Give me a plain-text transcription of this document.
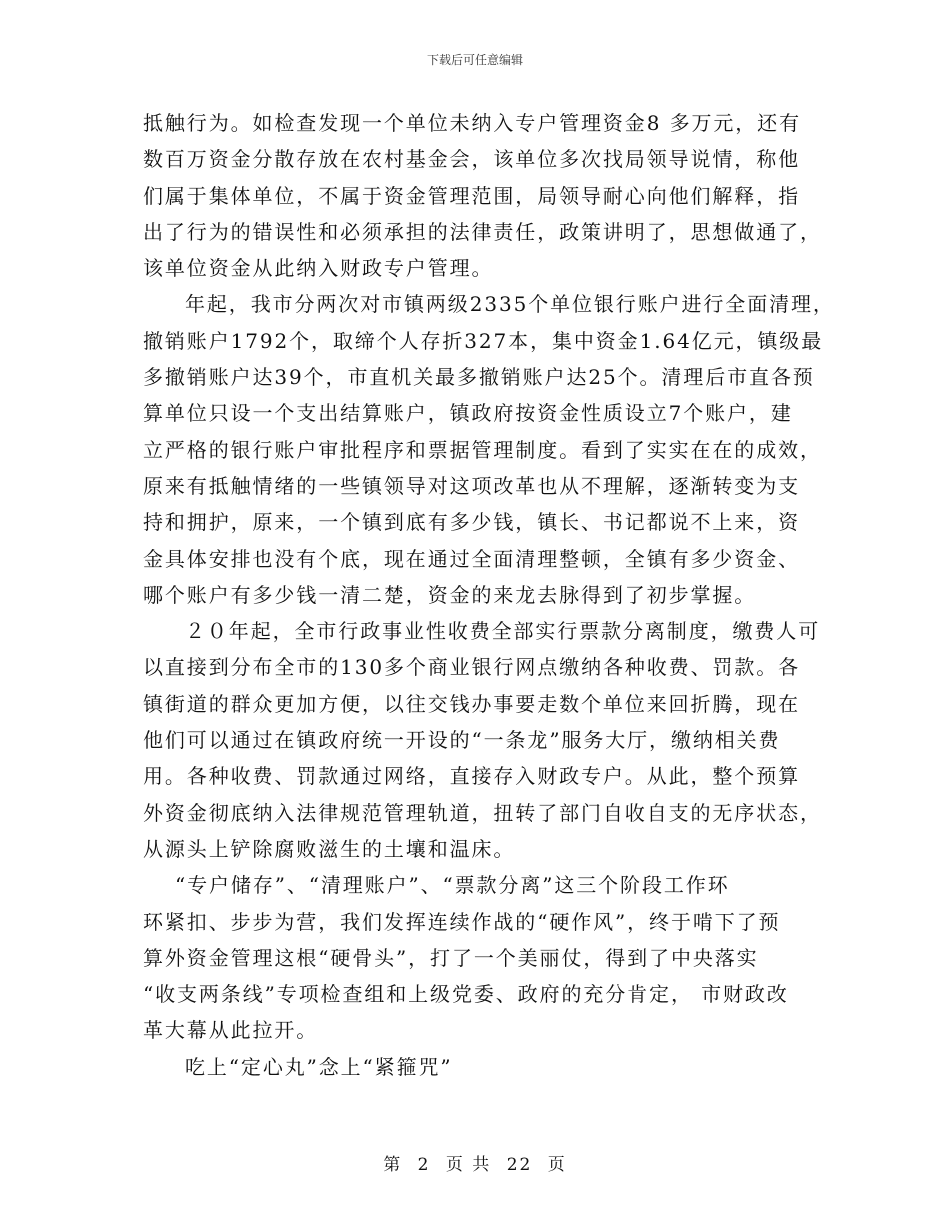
下载后可任意编辑
抵触行为。如检查发现一个单位未纳入专户管理资金8 多万元，还有
数百万资金分散存放在农村基金会，该单位多次找局领导说情，称他
们属于集体单位，不属于资金管理范围，局领导耐心向他们解释，指
出了行为的错误性和必须承担的法律责任，政策讲明了，思想做通了，
该单位资金从此纳入财政专户管理。
年起，我市分两次对市镇两级2335个单位银行账户进行全面清理，
撤销账户1792个，取缔个人存折327本，集中资金1.64亿元，镇级最
多撤销账户达39个，市直机关最多撤销账户达25个。清理后市直各预
算单位只设一个支出结算账户，镇政府按资金性质设立7个账户，建
立严格的银行账户审批程序和票据管理制度。看到了实实在在的成效，
原来有抵触情绪的一些镇领导对这项改革也从不理解，逐渐转变为支
持和拥护，原来，一个镇到底有多少钱，镇长、书记都说不上来，资
金具体安排也没有个底，现在通过全面清理整顿，全镇有多少资金、
哪个账户有多少钱一清二楚，资金的来龙去脉得到了初步掌握。
２０年起，全市行政事业性收费全部实行票款分离制度，缴费人可
以直接到分布全市的130多个商业银行网点缴纳各种收费、罚款。各
镇街道的群众更加方便，以往交钱办事要走数个单位来回折腾，现在
他们可以通过在镇政府统一开设的“一条龙”服务大厅，缴纳相关费
用。各种收费、罚款通过网络，直接存入财政专户。从此，整个预算
外资金彻底纳入法律规范管理轨道，扭转了部门自收自支的无序状态，
从源头上铲除腐败滋生的土壤和温床。
“专户储存”、“清理账户”、“票款分离”这三个阶段工作环
环紧扣、步步为营，我们发挥连续作战的“硬作风”，终于啃下了预
算外资金管理这根“硬骨头”，打了一个美丽仗，得到了中央落实
“收支两条线”专项检查组和上级党委、政府的充分肯定， 市财政改
革大幕从此拉开。
吃上“定心丸”念上“紧箍咒”
第 2 页 共 22 页
